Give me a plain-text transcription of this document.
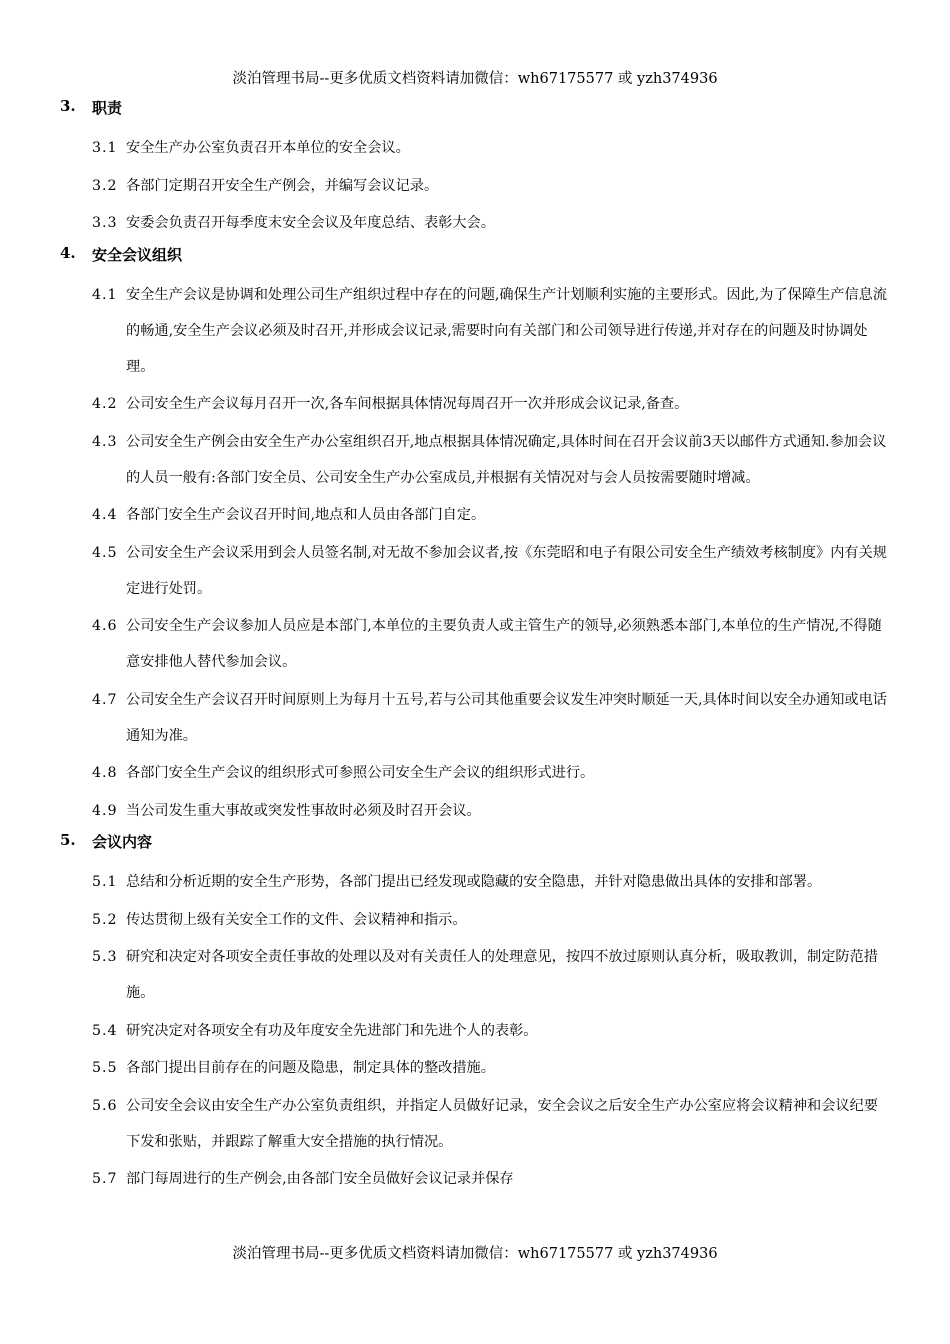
淡泊管理书局--更多优质文档资料请加微信：wh67175577 或 yzh374936
3. 职责
3.1 安全生产办公室负责召开本单位的安全会议。
3.2 各部门定期召开安全生产例会，并编写会议记录。
3.3 安委会负责召开每季度末安全会议及年度总结、表彰大会。
4. 安全会议组织
4.1 安全生产会议是协调和处理公司生产组织过程中存在的问题,确保生产计划顺利实施的主要形式。因此,为了保障生产信息流的畅通,安全生产会议必须及时召开,并形成会议记录,需要时向有关部门和公司领导进行传递,并对存在的问题及时协调处理。
4.2 公司安全生产会议每月召开一次,各车间根据具体情况每周召开一次并形成会议记录,备查。
4.3 公司安全生产例会由安全生产办公室组织召开,地点根据具体情况确定,具体时间在召开会议前3天以邮件方式通知.参加会议的人员一般有:各部门安全员、公司安全生产办公室成员,并根据有关情况对与会人员按需要随时增减。
4.4 各部门安全生产会议召开时间,地点和人员由各部门自定。
4.5 公司安全生产会议采用到会人员签名制,对无故不参加会议者,按《东莞昭和电子有限公司安全生产绩效考核制度》内有关规定进行处罚。
4.6 公司安全生产会议参加人员应是本部门,本单位的主要负责人或主管生产的领导,必须熟悉本部门,本单位的生产情况,不得随意安排他人替代参加会议。
4.7 公司安全生产会议召开时间原则上为每月十五号,若与公司其他重要会议发生冲突时顺延一天,具体时间以安全办通知或电话通知为准。
4.8 各部门安全生产会议的组织形式可参照公司安全生产会议的组织形式进行。
4.9 当公司发生重大事故或突发性事故时必须及时召开会议。
5. 会议内容
5.1 总结和分析近期的安全生产形势，各部门提出已经发现或隐藏的安全隐患，并针对隐患做出具体的安排和部署。
5.2 传达贯彻上级有关安全工作的文件、会议精神和指示。
5.3 研究和决定对各项安全责任事故的处理以及对有关责任人的处理意见，按四不放过原则认真分析，吸取教训，制定防范措施。
5.4 研究决定对各项安全有功及年度安全先进部门和先进个人的表彰。
5.5 各部门提出目前存在的问题及隐患，制定具体的整改措施。
5.6 公司安全会议由安全生产办公室负责组织，并指定人员做好记录，安全会议之后安全生产办公室应将会议精神和会议纪要下发和张贴，并跟踪了解重大安全措施的执行情况。
5.7 部门每周进行的生产例会,由各部门安全员做好会议记录并保存
淡泊管理书局--更多优质文档资料请加微信：wh67175577 或 yzh374936
